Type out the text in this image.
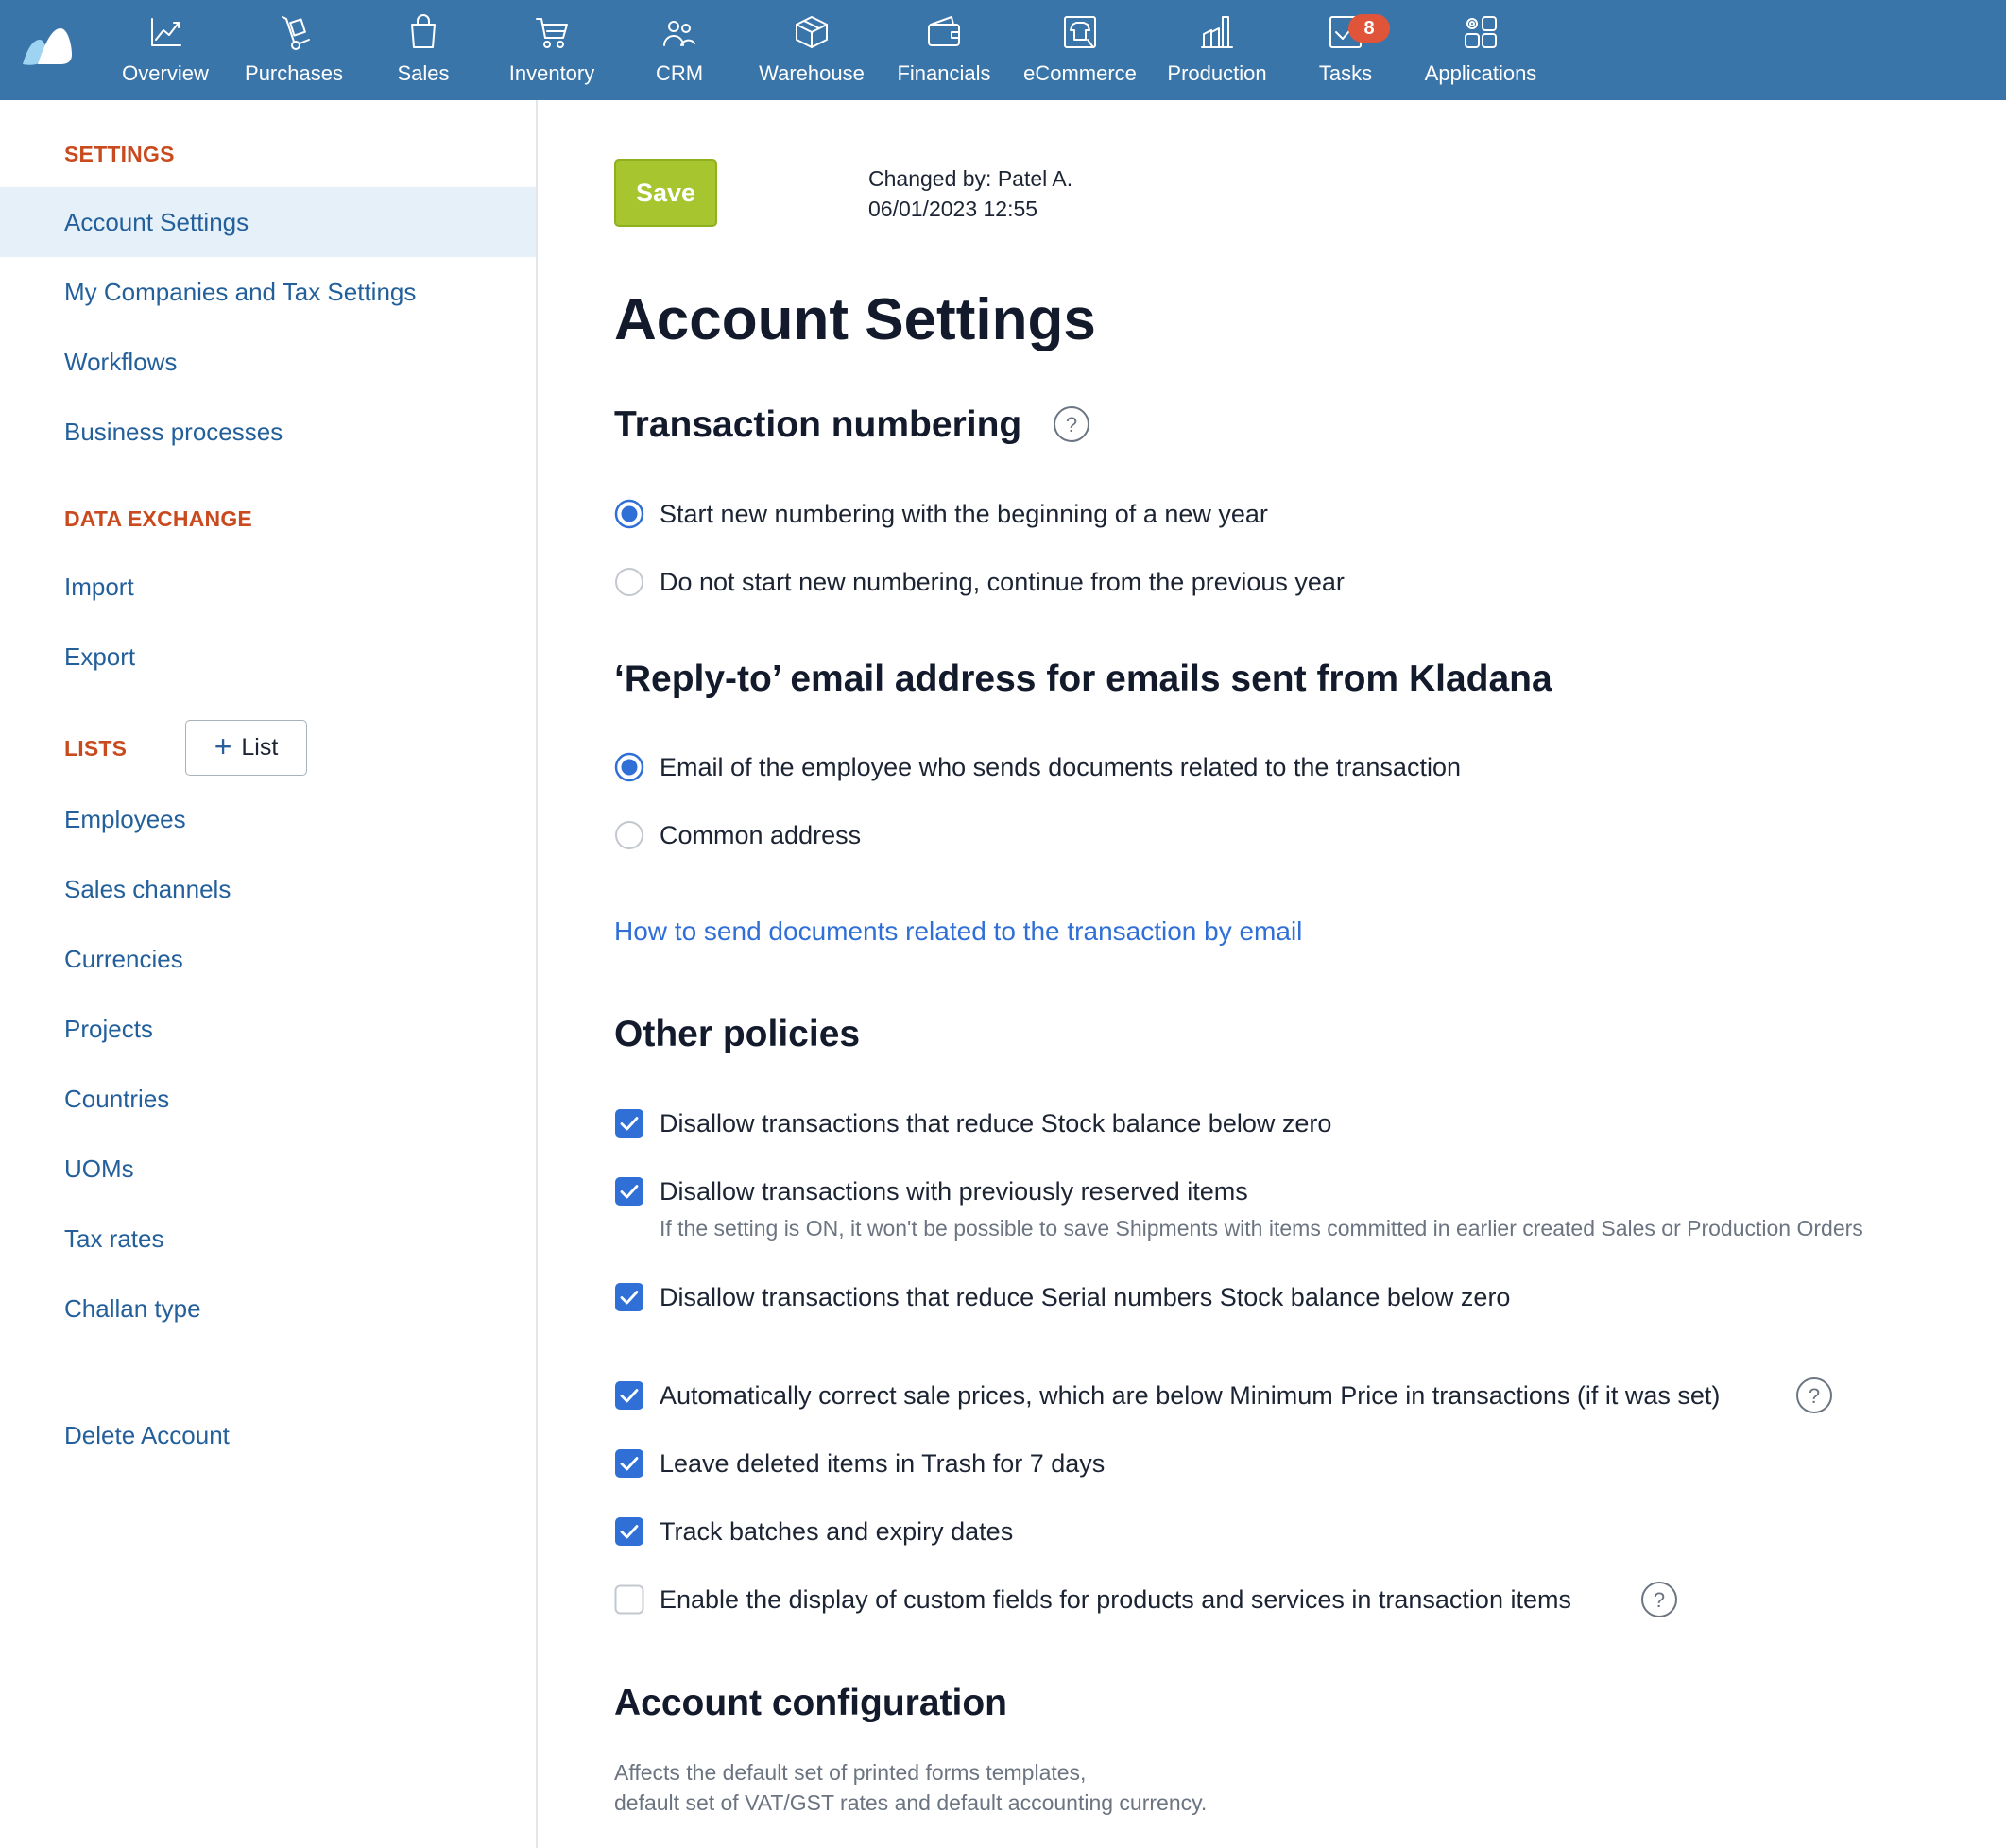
Overview	Purchases	Sales	Inventory	CRM	Warehouse	Financials	eCommerce	Production
8
Tasks	Applications
SETTINGS
Account Settings
My Companies and Tax Settings
Workflows
Business processes
DATA EXCHANGE
Import
Export
LISTS	+ List
Employees
Sales channels
Currencies
Projects
Countries
UOMs
Tax rates
Challan type
Delete Account
Save	Changed by: Patel A.
06/01/2023 12:55
Account Settings
Transaction numbering ?
Start new numbering with the beginning of a new year
Do not start new numbering, continue from the previous year
‘Reply-to’ email address for emails sent from Kladana
Email of the employee who sends documents related to the transaction
Common address
How to send documents related to the transaction by email
Other policies
Disallow transactions that reduce Stock balance below zero
Disallow transactions with previously reserved items
If the setting is ON, it won't be possible to save Shipments with items committed in earlier created Sales or Production Orders
Disallow transactions that reduce Serial numbers Stock balance below zero
Automatically correct sale prices, which are below Minimum Price in transactions (if it was set)	?
Leave deleted items in Trash for 7 days
Track batches and expiry dates
Enable the display of custom fields for products and services in transaction items	?
Account configuration
Affects the default set of printed forms templates,
default set of VAT/GST rates and default accounting currency.
